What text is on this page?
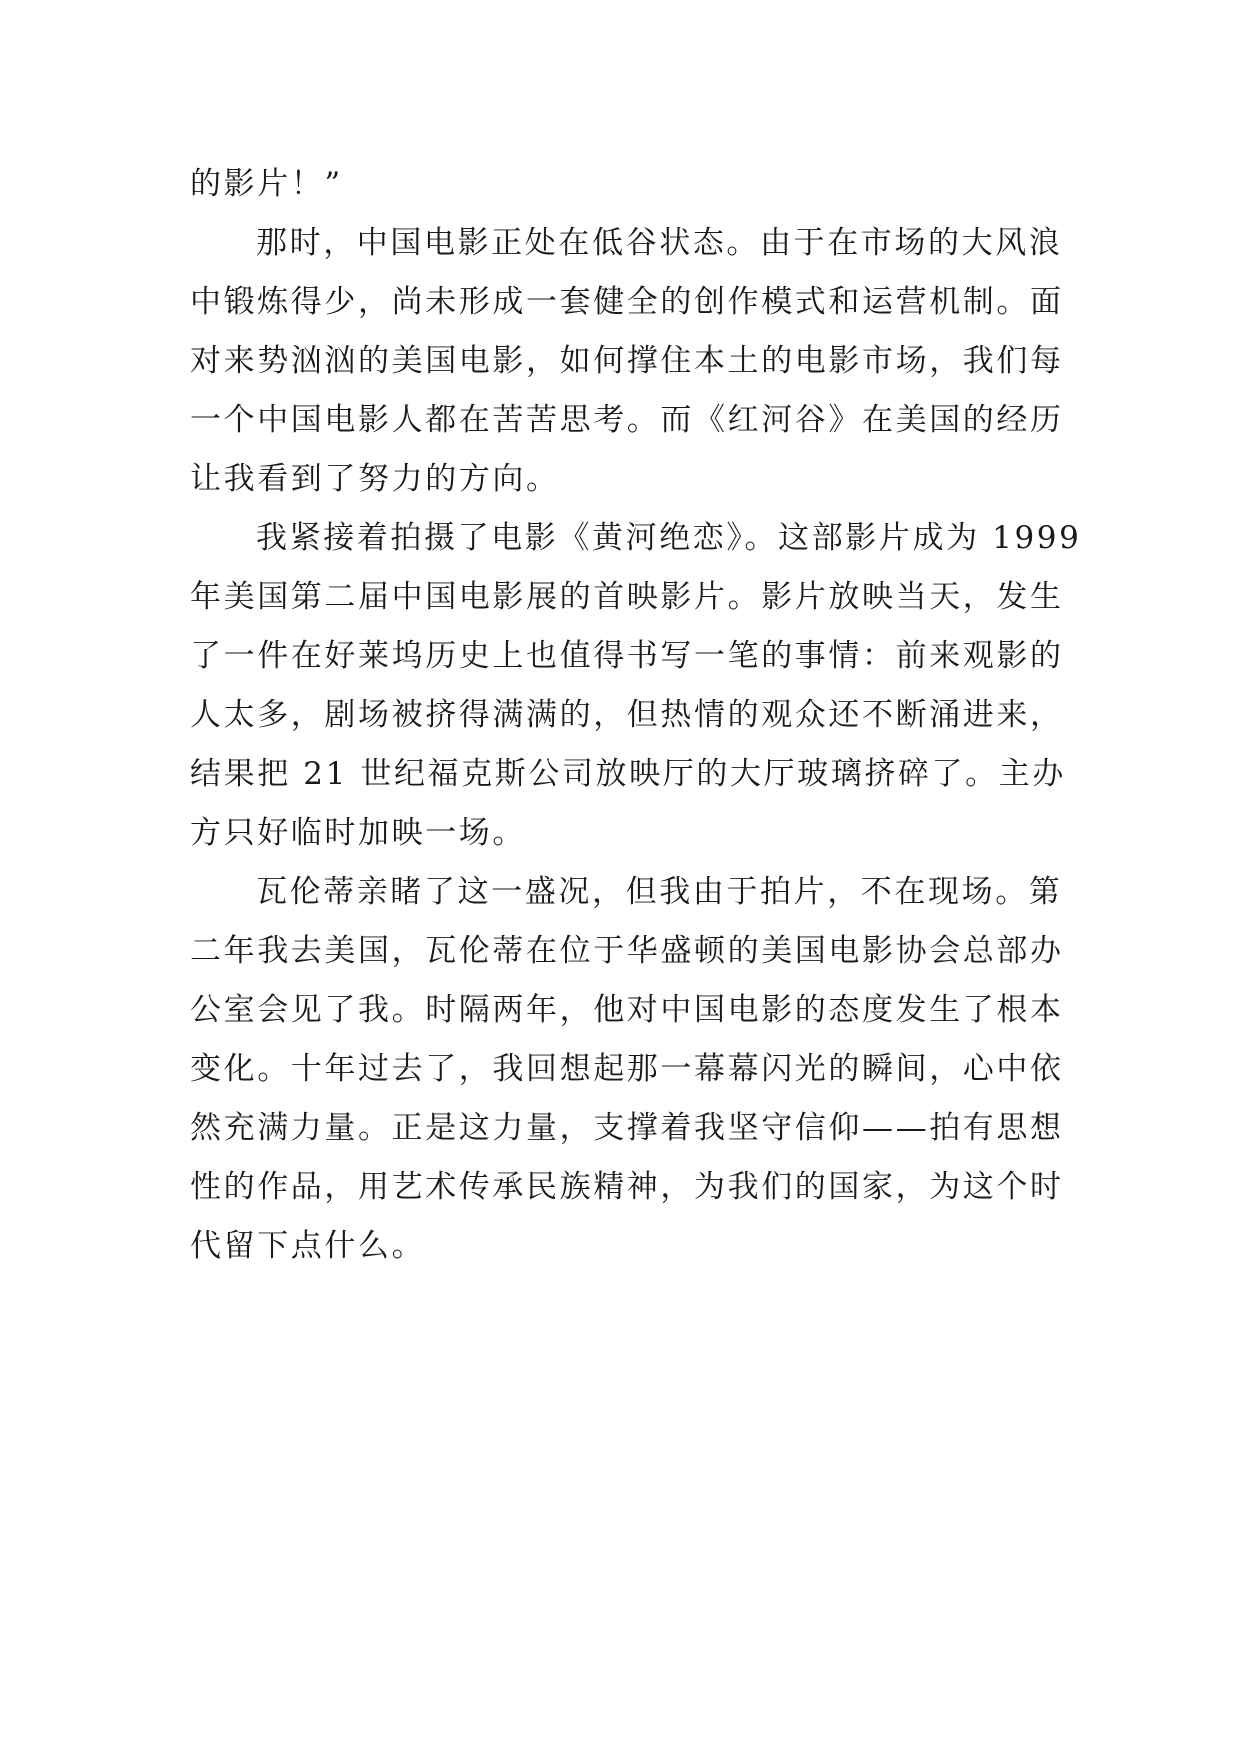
的影片！”
那时，中国电影正处在低谷状态。由于在市场的大风浪
中锻炼得少，尚未形成一套健全的创作模式和运营机制。面
对来势汹汹的美国电影，如何撑住本土的电影市场，我们每
一个中国电影人都在苦苦思考。而《红河谷》在美国的经历
让我看到了努力的方向。
我紧接着拍摄了电影《黄河绝恋》。这部影片成为 1999
年美国第二届中国电影展的首映影片。影片放映当天，发生
了一件在好莱坞历史上也值得书写一笔的事情：前来观影的
人太多，剧场被挤得满满的，但热情的观众还不断涌进来，
结果把 21 世纪福克斯公司放映厅的大厅玻璃挤碎了。主办
方只好临时加映一场。
瓦伦蒂亲睹了这一盛况，但我由于拍片，不在现场。第
二年我去美国，瓦伦蒂在位于华盛顿的美国电影协会总部办
公室会见了我。时隔两年，他对中国电影的态度发生了根本
变化。十年过去了，我回想起那一幕幕闪光的瞬间，心中依
然充满力量。正是这力量，支撑着我坚守信仰——拍有思想
性的作品，用艺术传承民族精神，为我们的国家，为这个时
代留下点什么。
